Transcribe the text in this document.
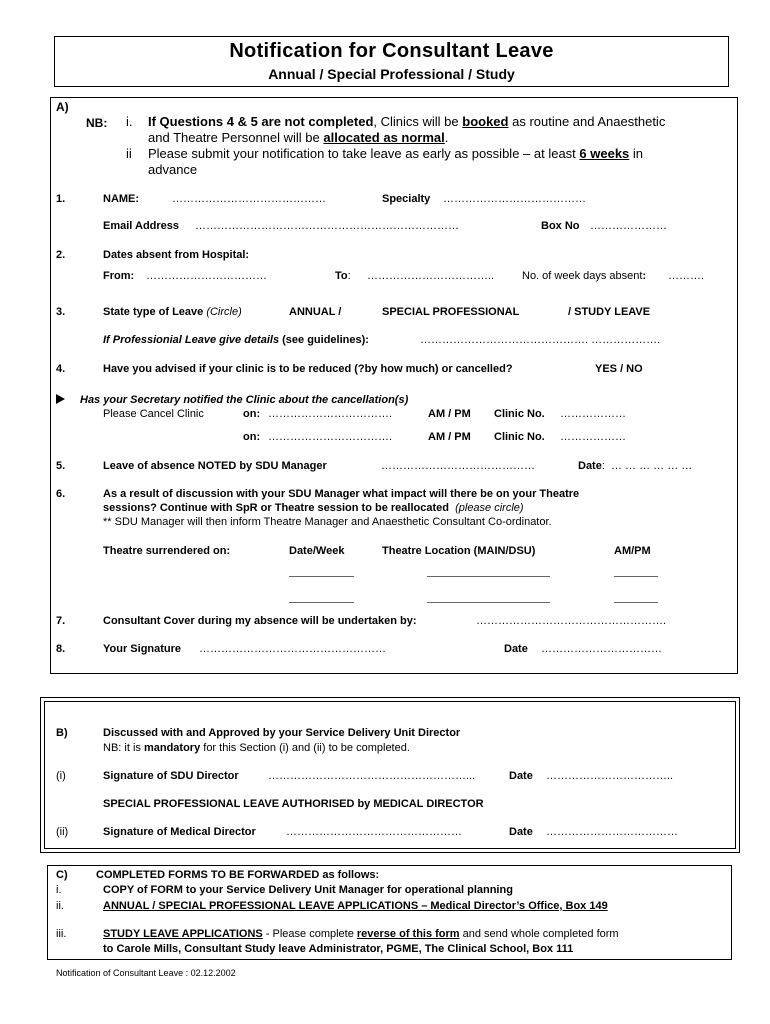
Notification for Consultant Leave
Annual / Special Professional / Study
A)
NB: i. If Questions 4 & 5 are not completed, Clinics will be booked as routine and Anaesthetic
and Theatre Personnel will be allocated as normal.
ii Please submit your notification to take leave as early as possible – at least 6 weeks in
advance
1.	NAME:	……………………………………	Specialty …………………………………
Email Address ………………………………………………………………	Box No …………………
2.	Dates absent from Hospital:
From: ……………………………	To: ……………………………..	No. of week days absent: ……….
3.	State type of Leave (Circle)	ANNUAL /	SPECIAL PROFESSIONAL	/ STUDY LEAVE
If Professionial Leave give details (see guidelines):	………………………………………. ……………….
4.	Have you advised if your clinic is to be reduced (?by how much) or cancelled?	YES / NO
Has your Secretary notified the Clinic about the cancellation(s)
Please Cancel Clinic	on: …………………………….	AM / PM Clinic No. ………………
on: …………………………….	AM / PM Clinic No. ………………
5.	Leave of absence NOTED by SDU Manager	……………………………………	Date: … … … … … …
6.	As a result of discussion with your SDU Manager what impact will there be on your Theatre
sessions? Continue with SpR or Theatre session to be reallocated (please circle)
** SDU Manager will then inform Theatre Manager and Anaesthetic Consultant Co-ordinator.
Theatre surrendered on:	Date/Week	Theatre Location (MAIN/DSU)	AM/PM
7.	Consultant Cover during my absence will be undertaken by:	…………………………………………….
8.	Your Signature ……………………………………………	Date ……………………………
B)	Discussed with and Approved by your Service Delivery Unit Director
NB: it is mandatory for this Section (i) and (ii) to be completed.
(i)	Signature of SDU Director	………………………………………………...	Date ……………………………..
SPECIAL PROFESSIONAL LEAVE AUTHORISED by MEDICAL DIRECTOR
(ii)	Signature of Medical Director	…………………………………………	Date ………………………………
C)	COMPLETED FORMS TO BE FORWARDED as follows:
i.	COPY of FORM to your Service Delivery Unit Manager for operational planning
ii.	ANNUAL / SPECIAL PROFESSIONAL LEAVE APPLICATIONS – Medical Director’s Office, Box 149
iii.	STUDY LEAVE APPLICATIONS - Please complete reverse of this form and send whole completed form
to Carole Mills, Consultant Study leave Administrator, PGME, The Clinical School, Box 111
Notification of Consultant Leave : 02.12.2002
